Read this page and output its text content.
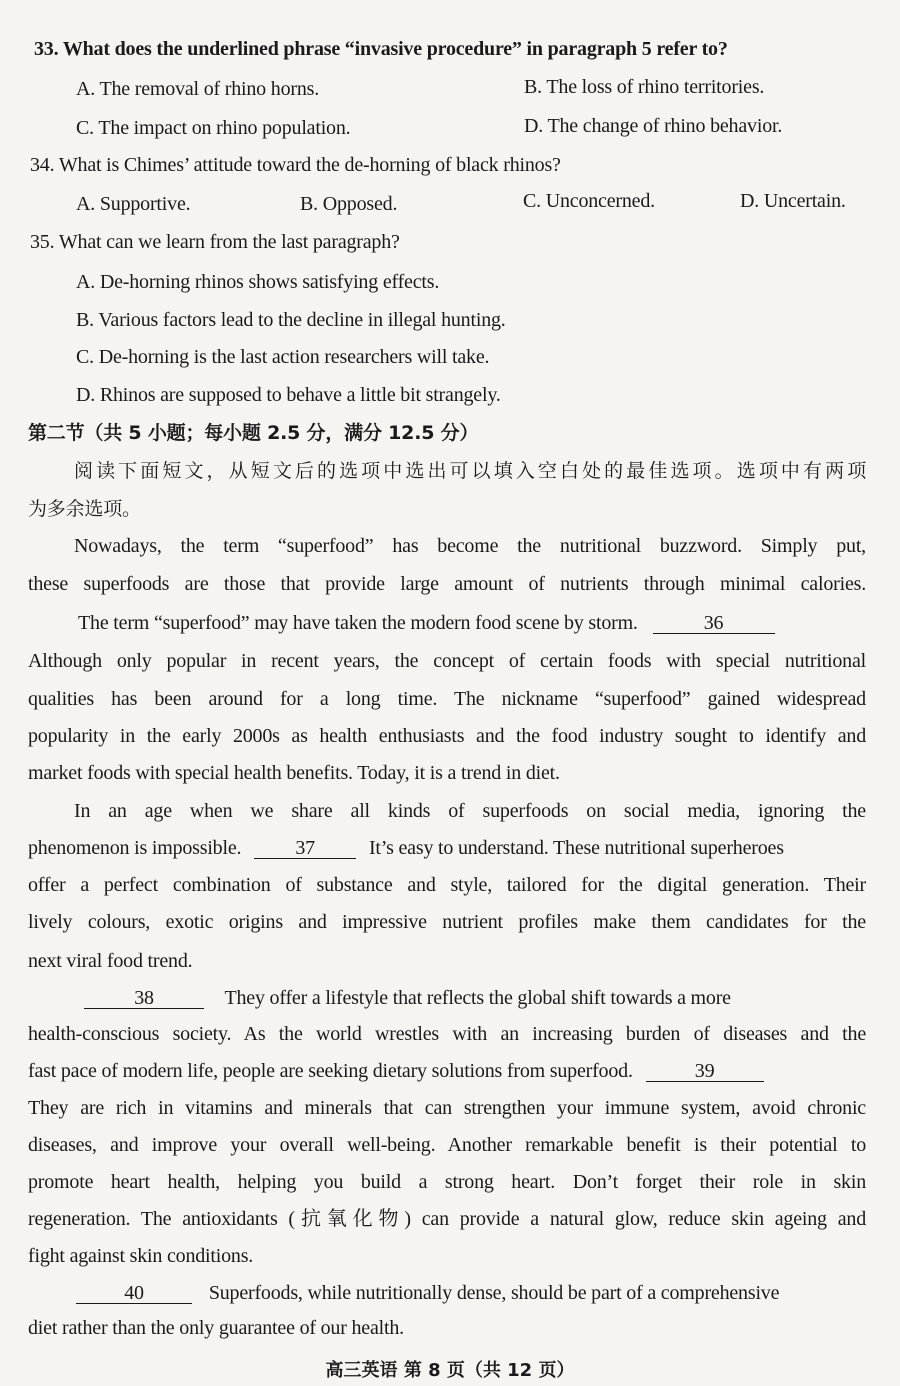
33. What does the underlined phrase “invasive procedure” in paragraph 5 refer to?
A. The removal of rhino horns.	B. The loss of rhino territories.
C. The impact on rhino population.	D. The change of rhino behavior.
34. What is Chimes’ attitude toward the de-horning of black rhinos?
A. Supportive.	B. Opposed.	C. Unconcerned.	D. Uncertain.
35. What can we learn from the last paragraph?
A. De-horning rhinos shows satisfying effects.
B. Various factors lead to the decline in illegal hunting.
C. De-horning is the last action researchers will take.
D. Rhinos are supposed to behave a little bit strangely.
第二节（共 5 小题；每小题 2.5 分，满分 12.5 分）
阅读下面短文，从短文后的选项中选出可以填入空白处的最佳选项。选项中有两项
为多余选项。
Nowadays, the term “superfood” has become the nutritional buzzword. Simply put,
these superfoods are those that provide large amount of nutrients through minimal calories.
The term “superfood” may have taken the modern food scene by storm.	36
Although only popular in recent years, the concept of certain foods with special nutritional
qualities has been around for a long time. The nickname “superfood” gained widespread
popularity in the early 2000s as health enthusiasts and the food industry sought to identify and
market foods with special health benefits. Today, it is a trend in diet.
In an age when we share all kinds of superfoods on social media, ignoring the
phenomenon is impossible.	37	It’s easy to understand. These nutritional superheroes
offer a perfect combination of substance and style, tailored for the digital generation. Their
lively colours, exotic origins and impressive nutrient profiles make them candidates for the
next viral food trend.
38	They offer a lifestyle that reflects the global shift towards a more
health-conscious society. As the world wrestles with an increasing burden of diseases and the
fast pace of modern life, people are seeking dietary solutions from superfood.	39
They are rich in vitamins and minerals that can strengthen your immune system, avoid chronic
diseases, and improve your overall well-being. Another remarkable benefit is their potential to
promote heart health, helping you build a strong heart. Don’t forget their role in skin
regeneration. The antioxidants (抗氧化物) can provide a natural glow, reduce skin ageing and
fight against skin conditions.
40	Superfoods, while nutritionally dense, should be part of a comprehensive
diet rather than the only guarantee of our health.
高三英语 第 8 页（共 12 页）
